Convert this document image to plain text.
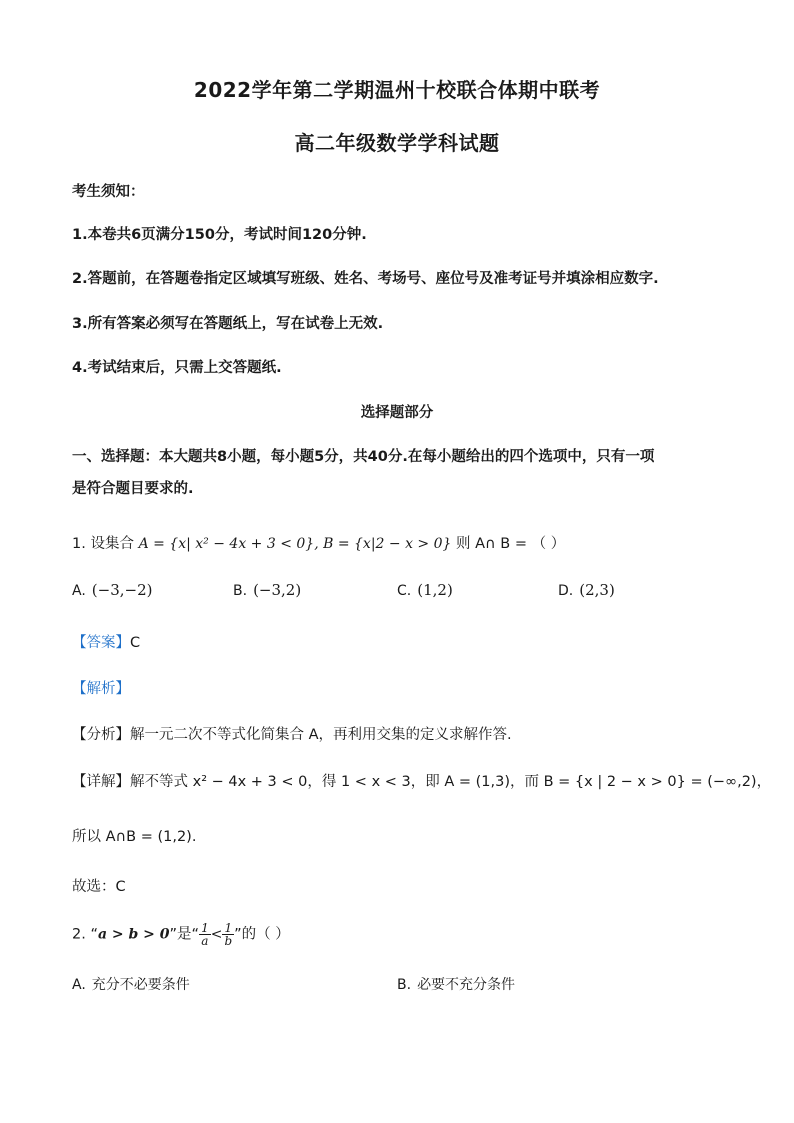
2022学年第二学期温州十校联合体期中联考
高二年级数学学科试题
考生须知：
1.本卷共6页满分150分，考试时间120分钟.
2.答题前，在答题卷指定区域填写班级、姓名、考场号、座位号及准考证号并填涂相应数字.
3.所有答案必须写在答题纸上，写在试卷上无效.
4.考试结束后，只需上交答题纸.
选择题部分
一、选择题：本大题共8小题，每小题5分，共40分.在每小题给出的四个选项中，只有一项
是符合题目要求的.
1. 设集合 A = {x| x² − 4x + 3 < 0}, B = {x|2 − x > 0} 则 A∩ B = （ ）
A. (−3,−2)	B. (−3,2)	C. (1,2)	D. (2,3)
【答案】C
【解析】
【分析】解一元二次不等式化简集合 A，再利用交集的定义求解作答.
【详解】解不等式 x² − 4x + 3 < 0，得 1 < x < 3，即 A = (1,3)，而 B = {x | 2 − x > 0} = (−∞,2)，
所以 A∩B = (1,2).
故选：C
2. “a > b > 0”是“ $\frac{1}{a} < \frac{1}{b}$ ”的（ ）
A. 充分不必要条件	B. 必要不充分条件
